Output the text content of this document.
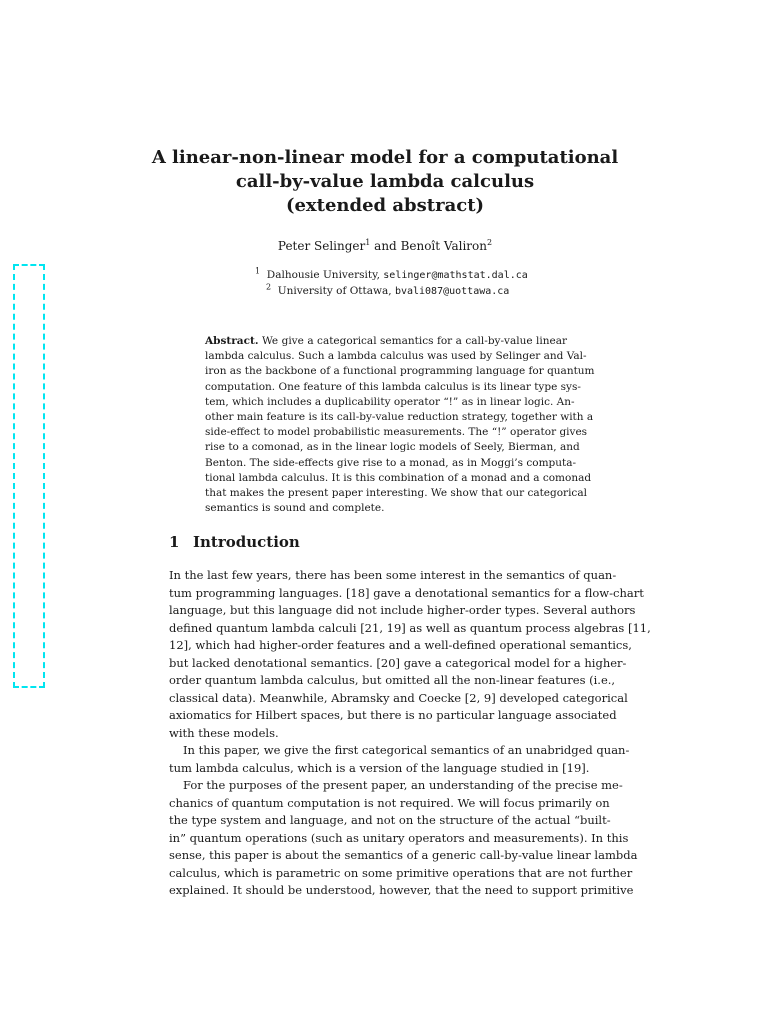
A linear-non-linear model for a computational
call-by-value lambda calculus
(extended abstract)
Peter Selinger$^1$ and Benoît Valiron$^2$
$^1$ Dalhousie University, selinger@mathstat.dal.ca
$^2$ University of Ottawa, bvali087@uottawa.ca
Abstract. We give a categorical semantics for a call-by-value linear
lambda calculus. Such a lambda calculus was used by Selinger and Val-
iron as the backbone of a functional programming language for quantum
computation. One feature of this lambda calculus is its linear type sys-
tem, which includes a duplicability operator “!” as in linear logic. An-
other main feature is its call-by-value reduction strategy, together with a
side-effect to model probabilistic measurements. The “!” operator gives
rise to a comonad, as in the linear logic models of Seely, Bierman, and
Benton. The side-effects give rise to a monad, as in Moggi’s computa-
tional lambda calculus. It is this combination of a monad and a comonad
that makes the present paper interesting. We show that our categorical
semantics is sound and complete.
1 Introduction
In the last few years, there has been some interest in the semantics of quan-
tum programming languages. [18] gave a denotational semantics for a flow-chart
language, but this language did not include higher-order types. Several authors
defined quantum lambda calculi [21, 19] as well as quantum process algebras [11,
12], which had higher-order features and a well-defined operational semantics,
but lacked denotational semantics. [20] gave a categorical model for a higher-
order quantum lambda calculus, but omitted all the non-linear features (i.e.,
classical data). Meanwhile, Abramsky and Coecke [2, 9] developed categorical
axiomatics for Hilbert spaces, but there is no particular language associated
with these models.
In this paper, we give the first categorical semantics of an unabridged quan-
tum lambda calculus, which is a version of the language studied in [19].
For the purposes of the present paper, an understanding of the precise me-
chanics of quantum computation is not required. We will focus primarily on
the type system and language, and not on the structure of the actual “built-
in” quantum operations (such as unitary operators and measurements). In this
sense, this paper is about the semantics of a generic call-by-value linear lambda
calculus, which is parametric on some primitive operations that are not further
explained. It should be understood, however, that the need to support primitive
